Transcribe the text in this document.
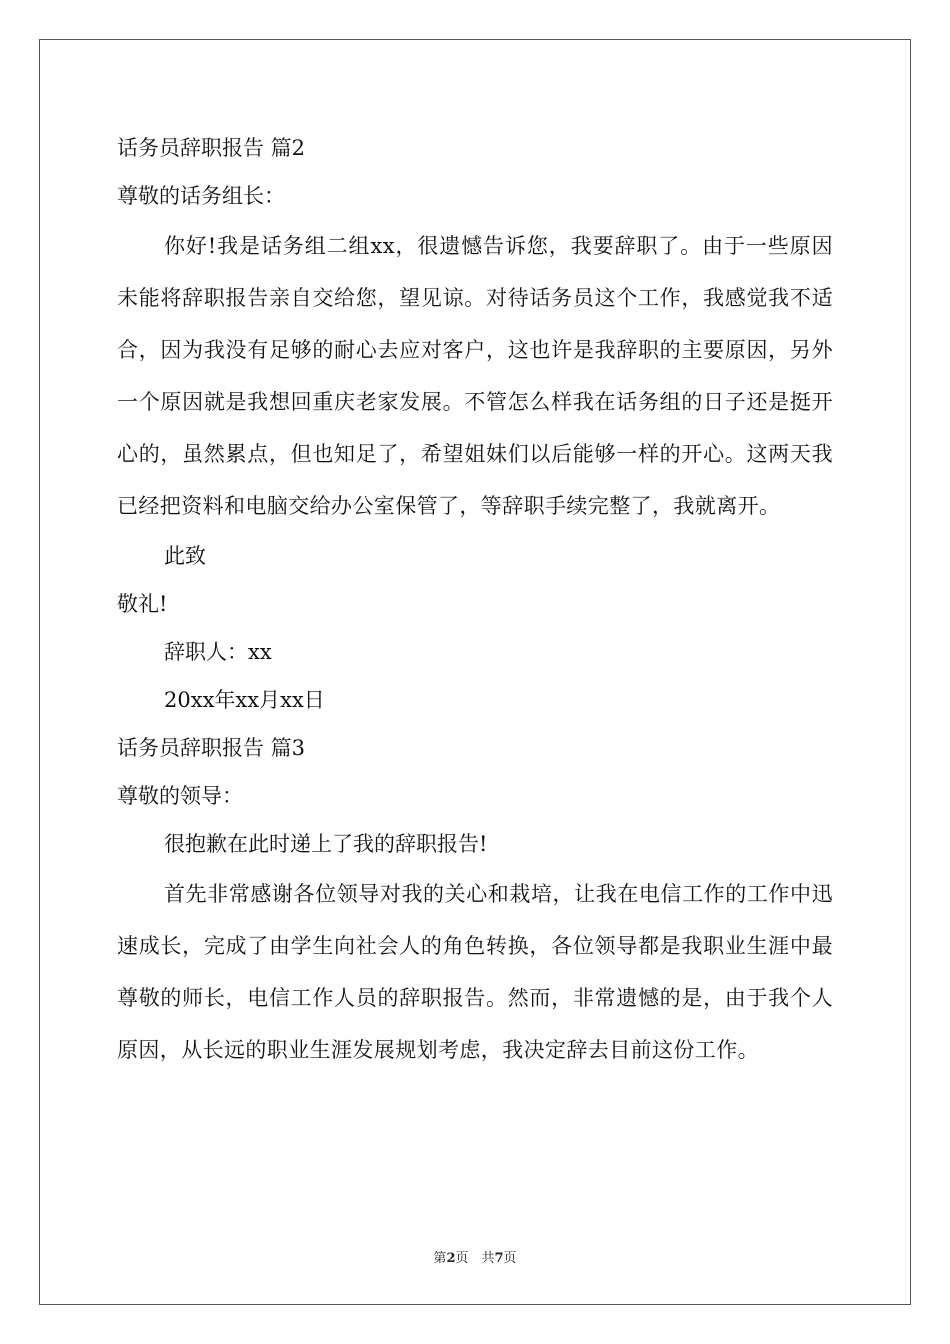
话务员辞职报告 篇2

尊敬的话务组长：

你好!我是话务组二组xx，很遗憾告诉您，我要辞职了。由于一些原因未能将辞职报告亲自交给您，望见谅。对待话务员这个工作，我感觉我不适合，因为我没有足够的耐心去应对客户，这也许是我辞职的主要原因，另外一个原因就是我想回重庆老家发展。不管怎么样我在话务组的日子还是挺开心的，虽然累点，但也知足了，希望姐妹们以后能够一样的开心。这两天我已经把资料和电脑交给办公室保管了，等辞职手续完整了，我就离开。

此致

敬礼!

辞职人：xx

20xx年xx月xx日

话务员辞职报告 篇3

尊敬的领导：

很抱歉在此时递上了我的辞职报告!

首先非常感谢各位领导对我的关心和栽培，让我在电信工作的工作中迅速成长，完成了由学生向社会人的角色转换，各位领导都是我职业生涯中最尊敬的师长，电信工作人员的辞职报告。然而，非常遗憾的是，由于我个人原因，从长远的职业生涯发展规划考虑，我决定辞去目前这份工作。

第2页　共7页
